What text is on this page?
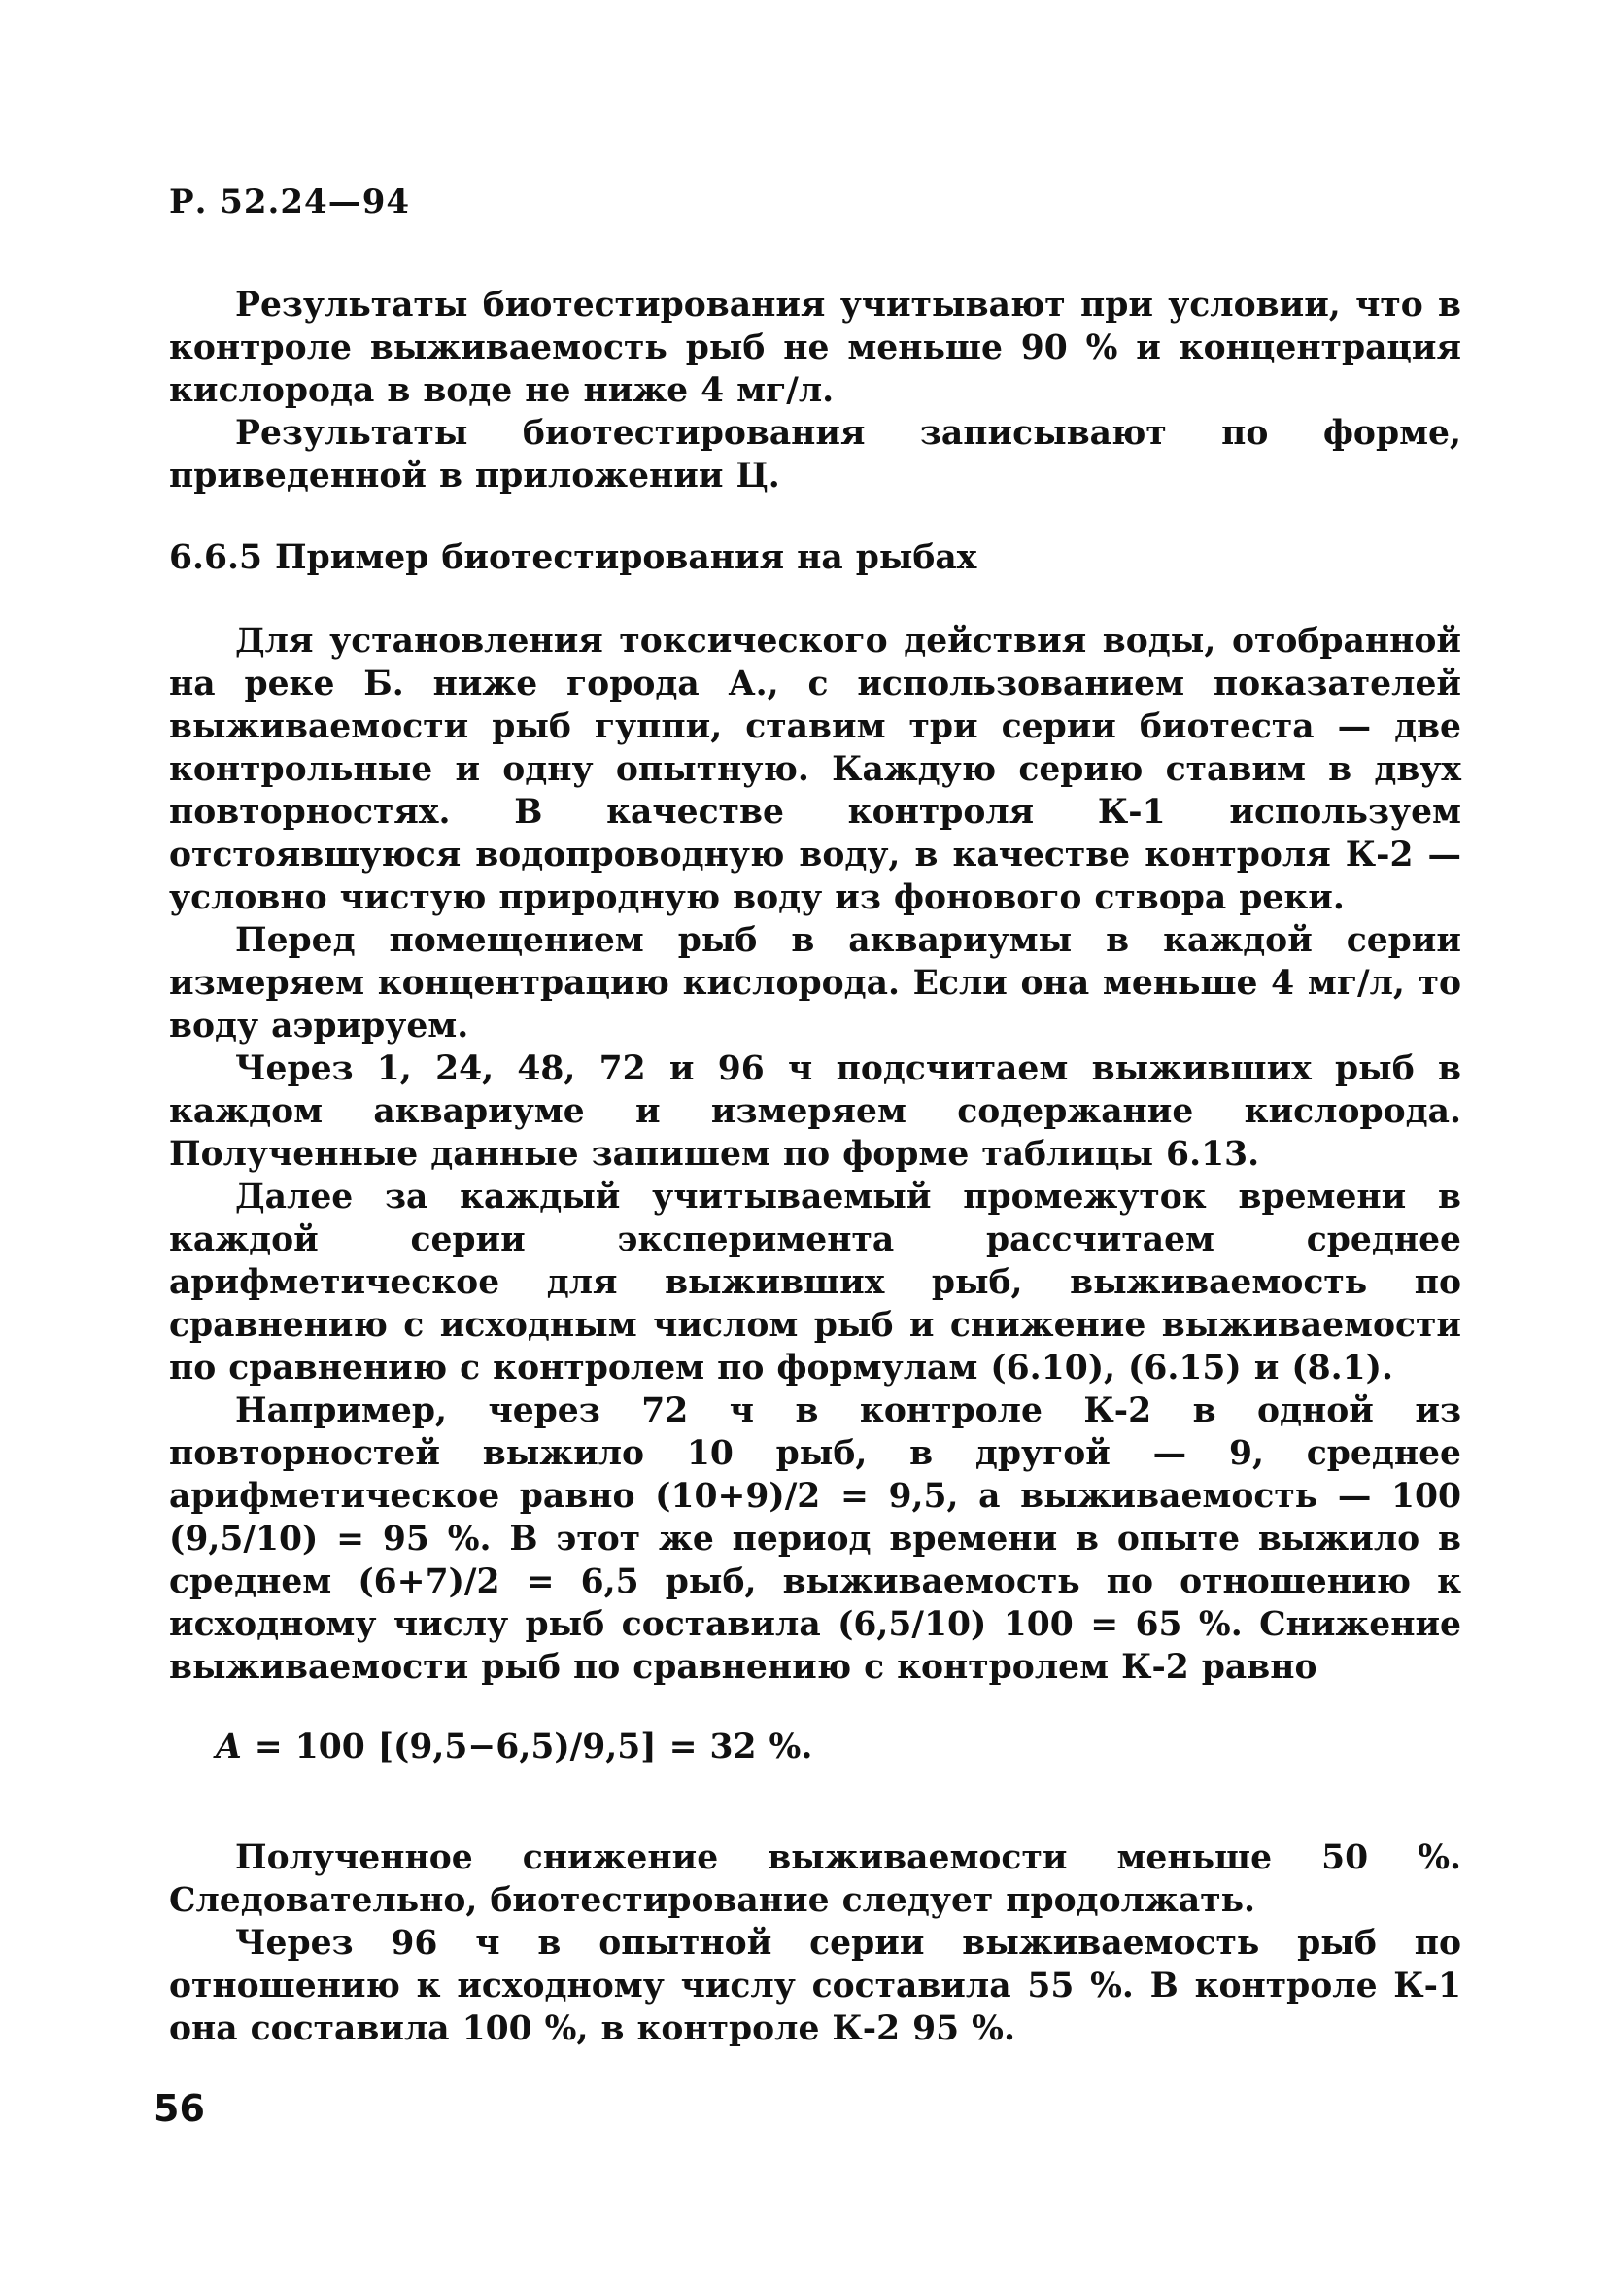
Р. 52.24—94

Результаты биотестирования учитывают при условии, что в контроле выживаемость рыб не меньше 90 % и концентрация кислорода в воде не ниже 4 мг/л.

Результаты биотестирования записывают по форме, приведенной в приложении Ц.

6.6.5 Пример биотестирования на рыбах

Для установления токсического действия воды, отобранной на реке Б. ниже города А., с использованием показателей выживаемости рыб гуппи, ставим три серии биотеста — две контрольные и одну опытную. Каждую серию ставим в двух повторностях. В качестве контроля К-1 используем отстоявшуюся водопроводную воду, в качестве контроля К-2 — условно чистую природную воду из фонового створа реки.

Перед помещением рыб в аквариумы в каждой серии измеряем концентрацию кислорода. Если она меньше 4 мг/л, то воду аэрируем.

Через 1, 24, 48, 72 и 96 ч подсчитаем выживших рыб в каждом аквариуме и измеряем содержание кислорода. Полученные данные запишем по форме таблицы 6.13.

Далее за каждый учитываемый промежуток времени в каждой серии эксперимента рассчитаем среднее арифметическое для выживших рыб, выживаемость по сравнению с исходным числом рыб и снижение выживаемости по сравнению с контролем по формулам (6.10), (6.15) и (8.1).

Например, через 72 ч в контроле К-2 в одной из повторностей выжило 10 рыб, в другой — 9, среднее арифметическое равно (10+9)/2 = 9,5, а выживаемость — 100 (9,5/10) = 95 %. В этот же период времени в опыте выжило в среднем (6+7)/2 = 6,5 рыб, выживаемость по отношению к исходному числу рыб составила (6,5/10) 100 = 65 %. Снижение выживаемости рыб по сравнению с контролем К-2 равно

A = 100 [(9,5−6,5)/9,5] = 32 %.

Полученное снижение выживаемости меньше 50 %. Следовательно, биотестирование следует продолжать.

Через 96 ч в опытной серии выживаемость рыб по отношению к исходному числу составила 55 %. В контроле К-1 она составила 100 %, в контроле К-2 95 %.

56
